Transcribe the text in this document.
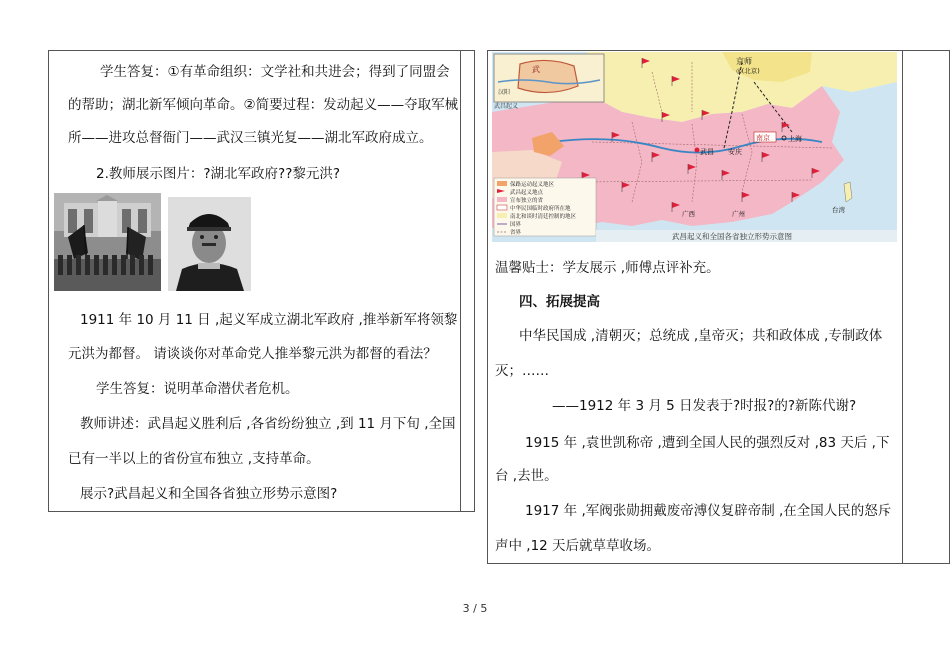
学生答复：①有革命组织：文学社和共进会；得到了同盟会

的帮助；湖北新军倾向革命。②简要过程：发动起义——夺取军械

所——进攻总督衙门——武汉三镇光复——湖北军政府成立。

2.教师展示图片：?湖北军政府??黎元洪?

1911 年 10 月 11 日 ,起义军成立湖北军政府 ,推举新军将领黎

元洪为都督。 请谈谈你对革命党人推举黎元洪为都督的看法？

学生答复：说明革命潜伏者危机。

教师讲述：武昌起义胜利后 ,各省纷纷独立 ,到 11 月下旬 ,全国

已有一半以上的省份宣布独立 ,支持革命。

展示?武昌起义和全国各省独立形势示意图?

武
汉阳
武昌起义
京师
◎(北京)
南京	上海
武昌 安庆
广州
广西	台湾
保路运动起义地区
武昌起义地点
宣布独立的省
中华民国临时政府所在地
南北和谈时清廷控制的地区
国界
省界	武昌起义和全国各省独立形势示意图

温馨贴士：学友展示 ,师傅点评补充。

四、拓展提高

中华民国成 ,清朝灭；总统成 ,皇帝灭；共和政体成 ,专制政体

灭；……

——1912 年 3 月 5 日发表于?时报?的?新陈代谢?

1915 年 ,袁世凯称帝 ,遭到全国人民的强烈反对 ,83 天后 ,下

台 ,去世。

1917 年 ,军阀张勋拥戴废帝溥仪复辟帝制 ,在全国人民的怒斥

声中 ,12 天后就草草收场。

3 / 5
